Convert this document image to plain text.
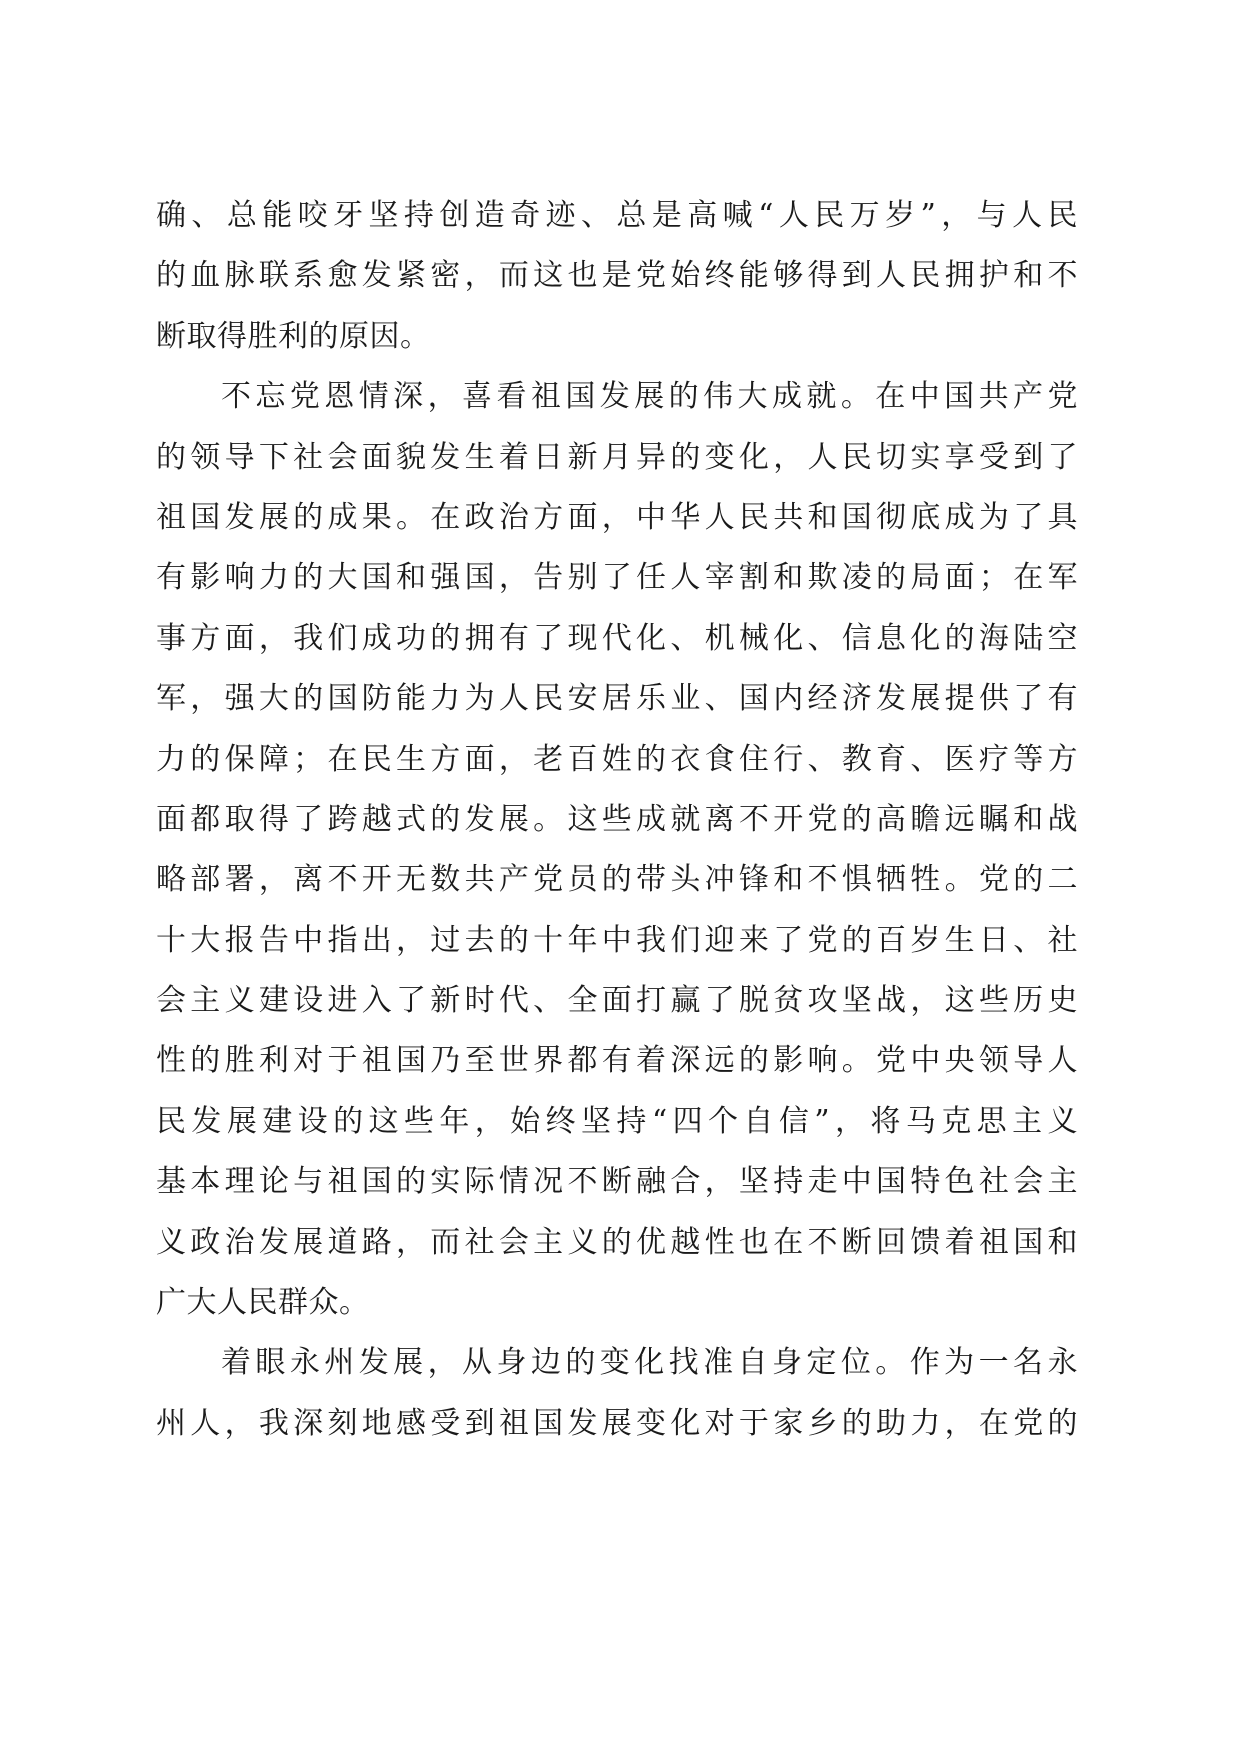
确、总能咬牙坚持创造奇迹、总是高喊“人民万岁”，与人民
的血脉联系愈发紧密，而这也是党始终能够得到人民拥护和不
断取得胜利的原因。
不忘党恩情深，喜看祖国发展的伟大成就。在中国共产党
的领导下社会面貌发生着日新月异的变化，人民切实享受到了
祖国发展的成果。在政治方面，中华人民共和国彻底成为了具
有影响力的大国和强国，告别了任人宰割和欺凌的局面；在军
事方面，我们成功的拥有了现代化、机械化、信息化的海陆空
军，强大的国防能力为人民安居乐业、国内经济发展提供了有
力的保障；在民生方面，老百姓的衣食住行、教育、医疗等方
面都取得了跨越式的发展。这些成就离不开党的高瞻远瞩和战
略部署，离不开无数共产党员的带头冲锋和不惧牺牲。党的二
十大报告中指出，过去的十年中我们迎来了党的百岁生日、社
会主义建设进入了新时代、全面打赢了脱贫攻坚战，这些历史
性的胜利对于祖国乃至世界都有着深远的影响。党中央领导人
民发展建设的这些年，始终坚持“四个自信”，将马克思主义
基本理论与祖国的实际情况不断融合，坚持走中国特色社会主
义政治发展道路，而社会主义的优越性也在不断回馈着祖国和
广大人民群众。
着眼永州发展，从身边的变化找准自身定位。作为一名永
州人，我深刻地感受到祖国发展变化对于家乡的助力，在党的
